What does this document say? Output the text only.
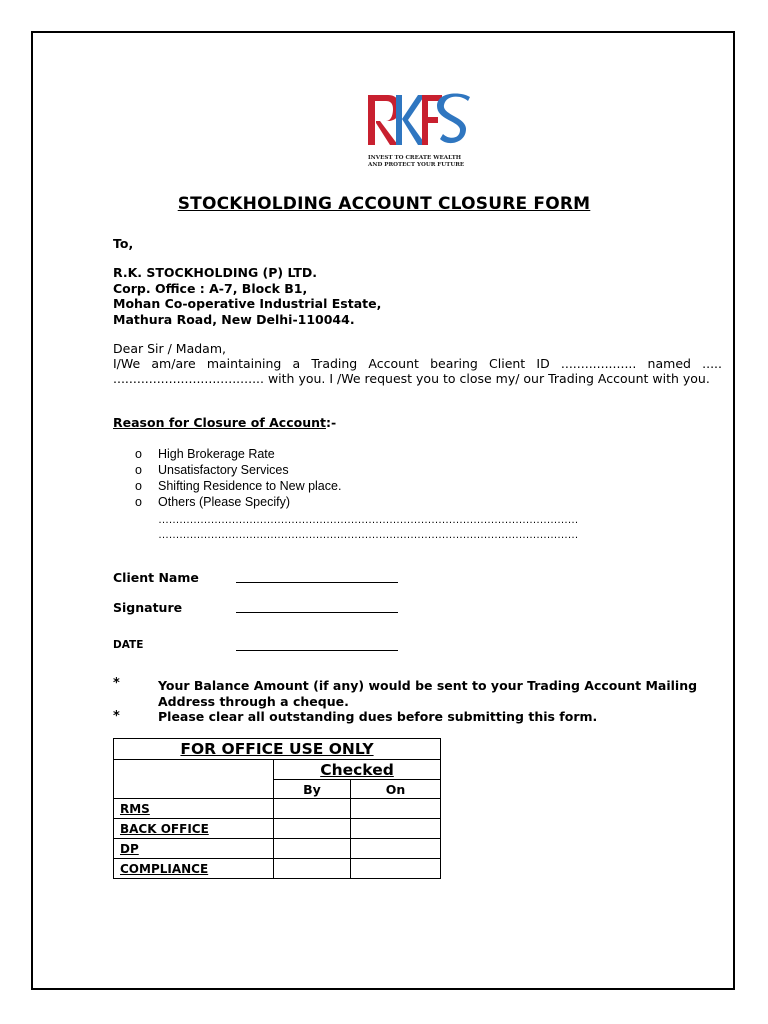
INVEST TO CREATE WEALTH
AND PROTECT YOUR FUTURE
STOCKHOLDING ACCOUNT CLOSURE FORM
To,
R.K. STOCKHOLDING (P) LTD.
Corp. Office : A-7, Block B1,
Mohan Co-operative Industrial Estate,
Mathura Road, New Delhi-110044.
Dear Sir / Madam,
I/We am/are maintaining a Trading Account bearing Client ID ................... named ..... ...................................... with you. I /We request you to close my/ our Trading Account with you.
Reason for Closure of Account:-
o High Brokerage Rate
o Unsatisfactory Services
o Shifting Residence to New place.
o Others (Please Specify)
…………………………………………………………………………………………………………
…………………………………………………………………………………………………………
Client Name
Signature
DATE
*	Your Balance Amount (if any) would be sent to your Trading Account Mailing
Address through a cheque.
*	Please clear all outstanding dues before submitting this form.
FOR OFFICE USE ONLY		
	Checked	
	By	On
RMS		
BACK OFFICE		
DP		
COMPLIANCE		
